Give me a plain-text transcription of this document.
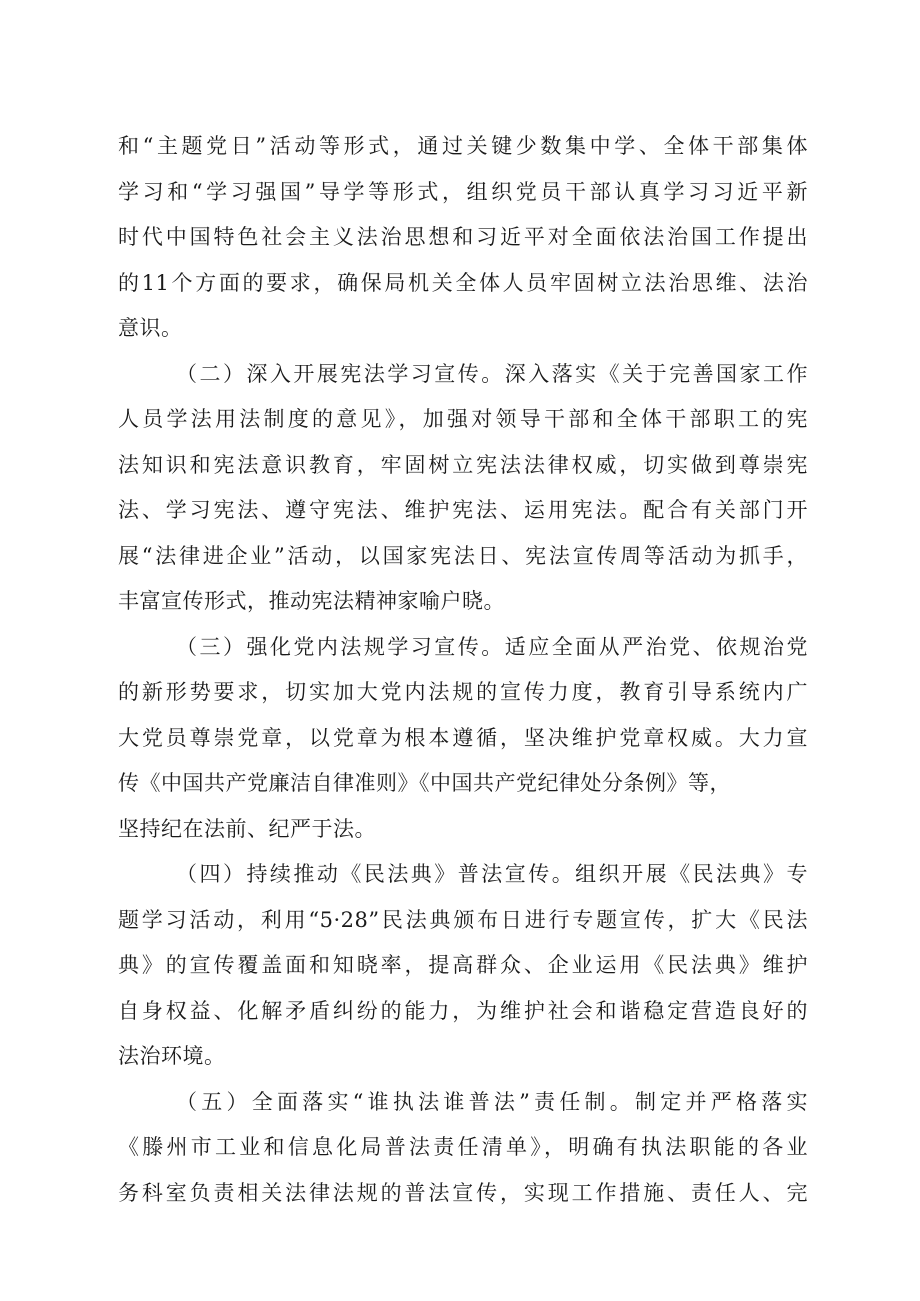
和“主题党日”活动等形式，通过关键少数集中学、全体干部集体
学习和“学习强国”导学等形式，组织党员干部认真学习习近平新
时代中国特色社会主义法治思想和习近平对全面依法治国工作提出
的11个方面的要求，确保局机关全体人员牢固树立法治思维、法治
意识。
（二）深入开展宪法学习宣传。深入落实《关于完善国家工作
人员学法用法制度的意见》，加强对领导干部和全体干部职工的宪
法知识和宪法意识教育，牢固树立宪法法律权威，切实做到尊崇宪
法、学习宪法、遵守宪法、维护宪法、运用宪法。配合有关部门开
展“法律进企业”活动，以国家宪法日、宪法宣传周等活动为抓手，
丰富宣传形式，推动宪法精神家喻户晓。
（三）强化党内法规学习宣传。适应全面从严治党、依规治党
的新形势要求，切实加大党内法规的宣传力度，教育引导系统内广
大党员尊崇党章，以党章为根本遵循，坚决维护党章权威。大力宣
传《中国共产党廉洁自律准则》《中国共产党纪律处分条例》等，
坚持纪在法前、纪严于法。
（四）持续推动《民法典》普法宣传。组织开展《民法典》专
题学习活动，利用“5·28”民法典颁布日进行专题宣传，扩大《民法
典》的宣传覆盖面和知晓率，提高群众、企业运用《民法典》维护
自身权益、化解矛盾纠纷的能力，为维护社会和谐稳定营造良好的
法治环境。
（五）全面落实“谁执法谁普法”责任制。制定并严格落实
《滕州市工业和信息化局普法责任清单》，明确有执法职能的各业
务科室负责相关法律法规的普法宣传，实现工作措施、责任人、完
